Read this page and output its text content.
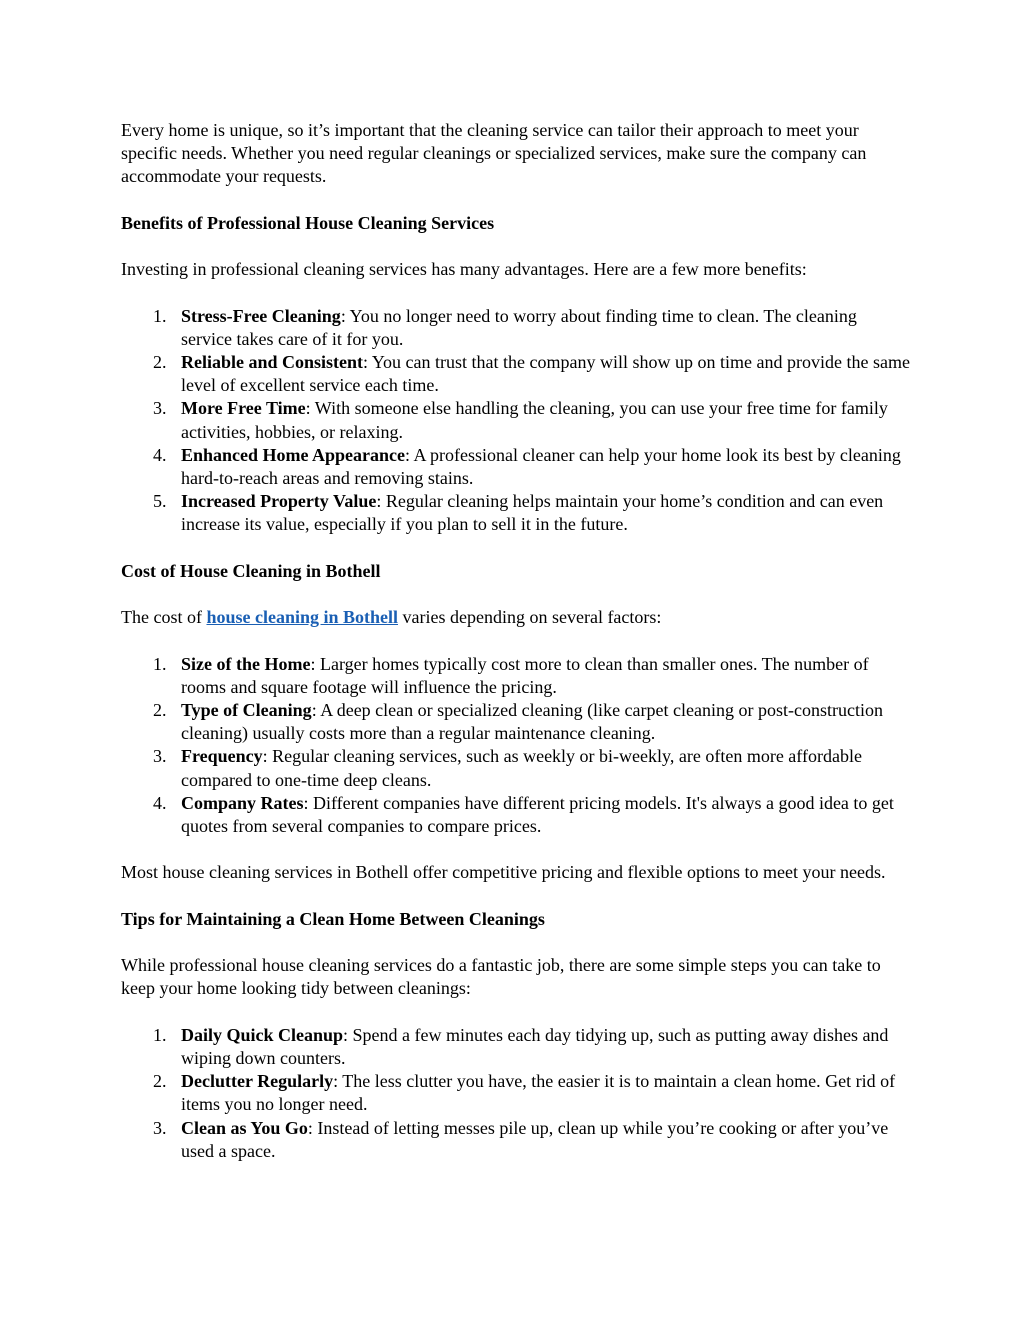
Every home is unique, so it’s important that the cleaning service can tailor their approach to meet your specific needs. Whether you need regular cleanings or specialized services, make sure the company can accommodate your requests.

Benefits of Professional House Cleaning Services

Investing in professional cleaning services has many advantages. Here are a few more benefits:

1. Stress-Free Cleaning: You no longer need to worry about finding time to clean. The cleaning service takes care of it for you.
2. Reliable and Consistent: You can trust that the company will show up on time and provide the same level of excellent service each time.
3. More Free Time: With someone else handling the cleaning, you can use your free time for family activities, hobbies, or relaxing.
4. Enhanced Home Appearance: A professional cleaner can help your home look its best by cleaning hard-to-reach areas and removing stains.
5. Increased Property Value: Regular cleaning helps maintain your home’s condition and can even increase its value, especially if you plan to sell it in the future.

Cost of House Cleaning in Bothell

The cost of house cleaning in Bothell varies depending on several factors:

1. Size of the Home: Larger homes typically cost more to clean than smaller ones. The number of rooms and square footage will influence the pricing.
2. Type of Cleaning: A deep clean or specialized cleaning (like carpet cleaning or post-construction cleaning) usually costs more than a regular maintenance cleaning.
3. Frequency: Regular cleaning services, such as weekly or bi-weekly, are often more affordable compared to one-time deep cleans.
4. Company Rates: Different companies have different pricing models. It's always a good idea to get quotes from several companies to compare prices.

Most house cleaning services in Bothell offer competitive pricing and flexible options to meet your needs.

Tips for Maintaining a Clean Home Between Cleanings

While professional house cleaning services do a fantastic job, there are some simple steps you can take to keep your home looking tidy between cleanings:

1. Daily Quick Cleanup: Spend a few minutes each day tidying up, such as putting away dishes and wiping down counters.
2. Declutter Regularly: The less clutter you have, the easier it is to maintain a clean home. Get rid of items you no longer need.
3. Clean as You Go: Instead of letting messes pile up, clean up while you’re cooking or after you’ve used a space.
